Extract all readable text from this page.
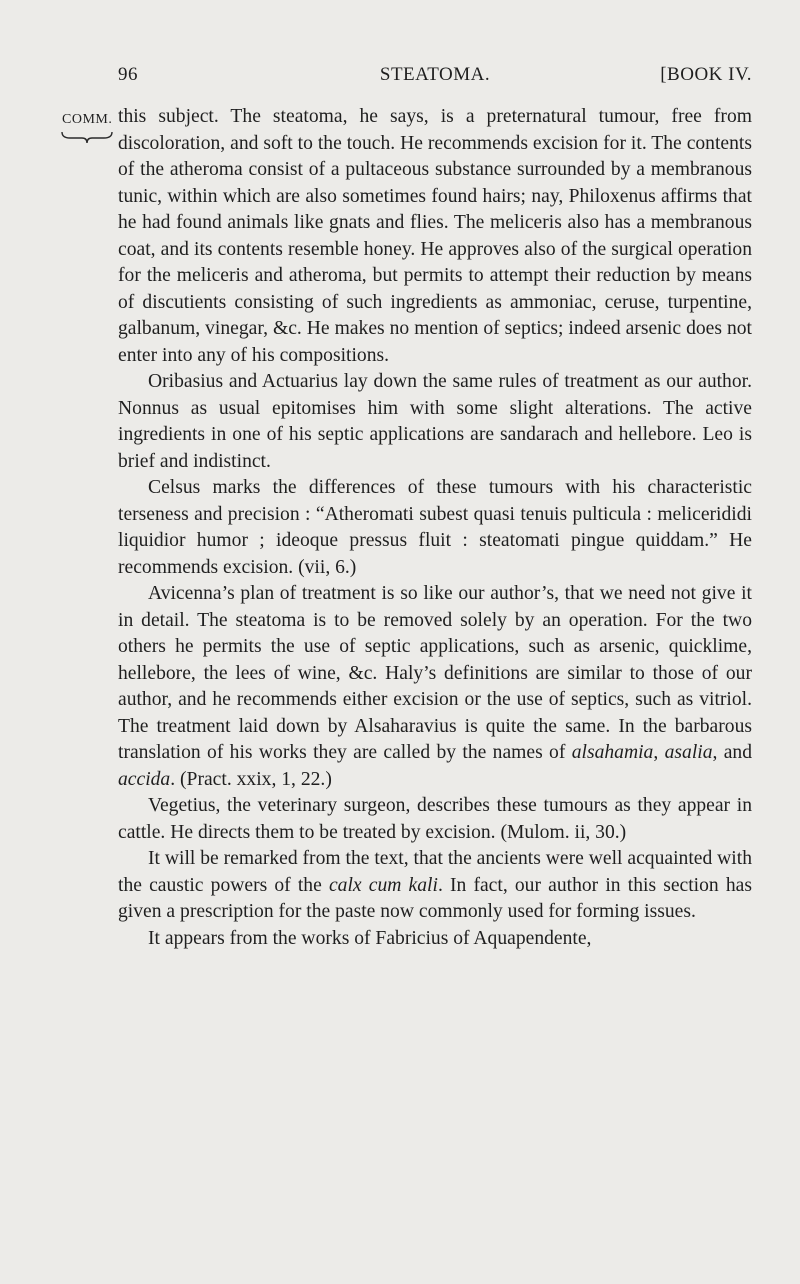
96	STEATOMA.	[BOOK IV.
COMM. this subject. The steatoma, he says, is a preternatural tumour, free from discoloration, and soft to the touch. He recommends excision for it. The contents of the atheroma consist of a pultaceous substance surrounded by a membranous tunic, within which are also sometimes found hairs; nay, Philoxenus affirms that he had found animals like gnats and flies. The meliceris also has a membranous coat, and its contents resemble honey. He approves also of the surgical operation for the meliceris and atheroma, but permits to attempt their reduction by means of discutients consisting of such ingredients as ammoniac, ceruse, turpentine, galbanum, vinegar, &c. He makes no mention of septics; indeed arsenic does not enter into any of his compositions.

Oribasius and Actuarius lay down the same rules of treatment as our author. Nonnus as usual epitomises him with some slight alterations. The active ingredients in one of his septic applications are sandarach and hellebore. Leo is brief and indistinct.

Celsus marks the differences of these tumours with his characteristic terseness and precision : “Atheromati subest quasi tenuis pulticula : melicerididi liquidior humor ; ideoque pressus fluit : steatomati pingue quiddam.” He recommends excision. (vii, 6.)

Avicenna’s plan of treatment is so like our author’s, that we need not give it in detail. The steatoma is to be removed solely by an operation. For the two others he permits the use of septic applications, such as arsenic, quicklime, hellebore, the lees of wine, &c. Haly’s definitions are similar to those of our author, and he recommends either excision or the use of septics, such as vitriol. The treatment laid down by Alsaharavius is quite the same. In the barbarous translation of his works they are called by the names of alsahamia, asalia, and accida. (Pract. xxix, 1, 22.)

Vegetius, the veterinary surgeon, describes these tumours as they appear in cattle. He directs them to be treated by excision. (Mulom. ii, 30.)

It will be remarked from the text, that the ancients were well acquainted with the caustic powers of the calx cum kali. In fact, our author in this section has given a prescription for the paste now commonly used for forming issues.

It appears from the works of Fabricius of Aquapendente,
